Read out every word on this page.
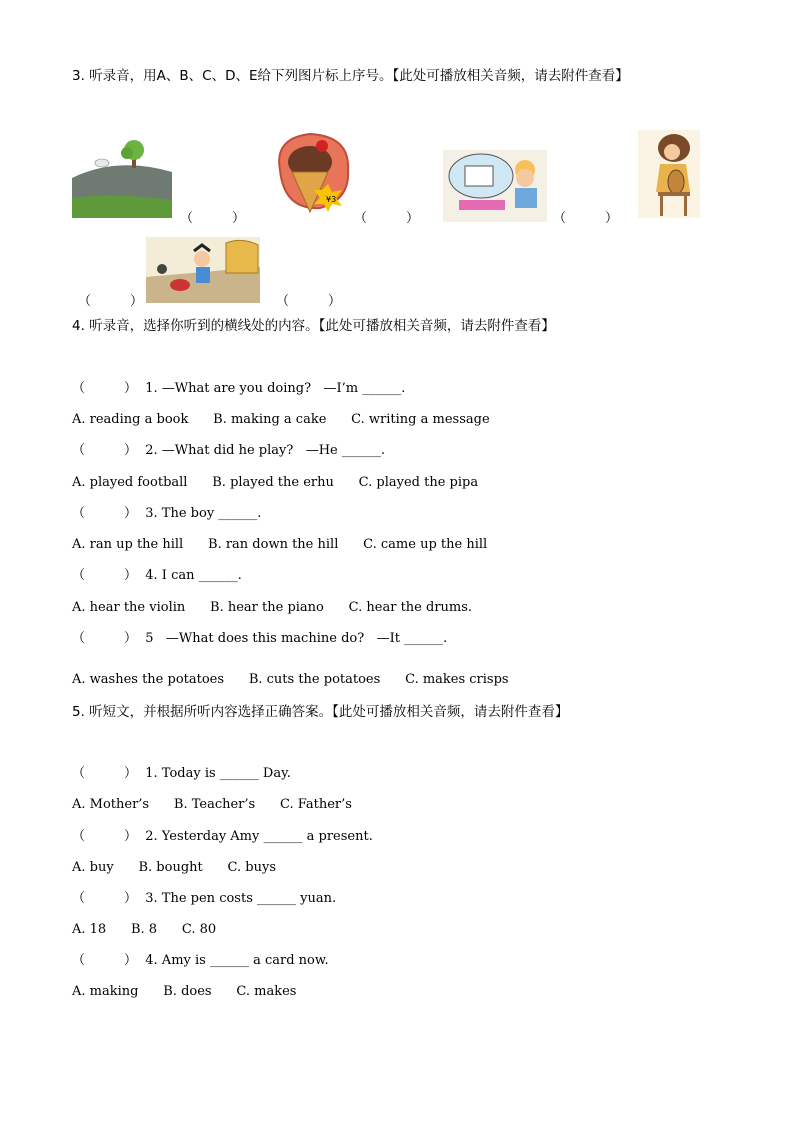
3. 听录音，用A、B、C、D、E给下列图片标上序号。【此处可播放相关音频，请去附件查看】
（　　　）
¥3
（　　　）	（　　　）
（　　　）	（　　　）
4. 听录音，选择你听到的横线处的内容。【此处可播放相关音频，请去附件查看】
（　　　）  1. —What are you doing?   —I’m ______.
A. reading a book      B. making a cake      C. writing a message
（　　　）  2. —What did he play?   —He ______.
A. played football      B. played the erhu      C. played the pipa
（　　　）  3. The boy ______.
A. ran up the hill      B. ran down the hill      C. came up the hill
（　　　）  4. I can ______.
A. hear the violin      B. hear the piano      C. hear the drums.
（　　　）  5   —What does this machine do?   —It ______.
A. washes the potatoes      B. cuts the potatoes      C. makes crisps
5. 听短文，并根据所听内容选择正确答案。【此处可播放相关音频，请去附件查看】
（　　　）  1. Today is ______ Day.
A. Mother’s      B. Teacher’s      C. Father’s
（　　　）  2. Yesterday Amy ______ a present.
A. buy      B. bought      C. buys
（　　　）  3. The pen costs ______ yuan.
A. 18      B. 8      C. 80
（　　　）  4. Amy is ______ a card now.
A. making      B. does      C. makes
